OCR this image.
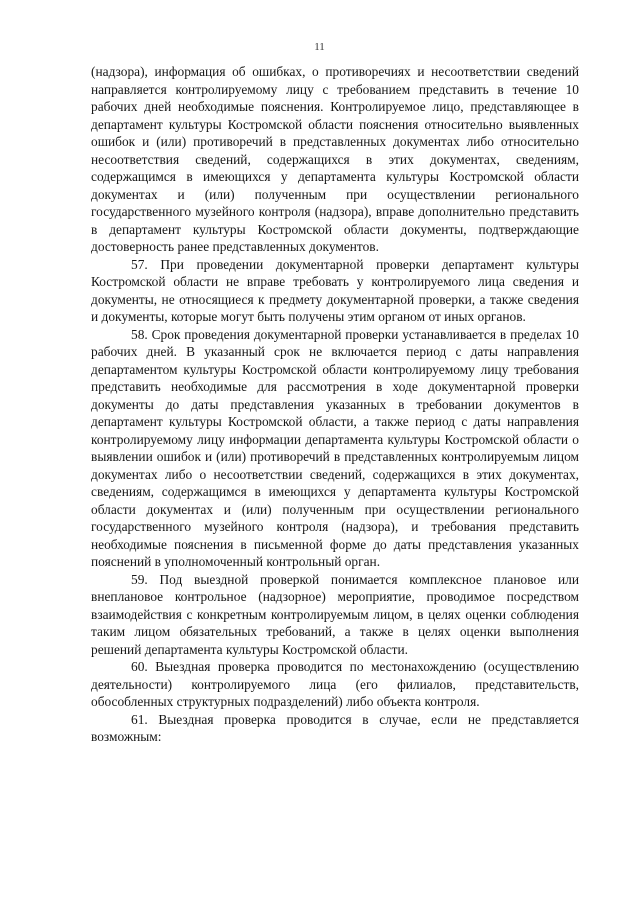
11

(надзора), информация об ошибках, о противоречиях и несоответствии сведений направляется контролируемому лицу с требованием представить в течение 10 рабочих дней необходимые пояснения. Контролируемое лицо, представляющее в департамент культуры Костромской области пояснения относительно выявленных ошибок и (или) противоречий в представленных документах либо относительно несоответствия сведений, содержащихся в этих документах, сведениям, содержащимся в имеющихся у департамента культуры Костромской области документах и (или) полученным при осуществлении регионального государственного музейного контроля (надзора), вправе дополнительно представить в департамент культуры Костромской области документы, подтверждающие достоверность ранее представленных документов.

57. При проведении документарной проверки департамент культуры Костромской области не вправе требовать у контролируемого лица сведения и документы, не относящиеся к предмету документарной проверки, а также сведения и документы, которые могут быть получены этим органом от иных органов.

58. Срок проведения документарной проверки устанавливается в пределах 10 рабочих дней. В указанный срок не включается период с даты направления департаментом культуры Костромской области контролируемому лицу требования представить необходимые для рассмотрения в ходе документарной проверки документы до даты представления указанных в требовании документов в департамент культуры Костромской области, а также период с даты направления контролируемому лицу информации департамента культуры Костромской области о выявлении ошибок и (или) противоречий в представленных контролируемым лицом документах либо о несоответствии сведений, содержащихся в этих документах, сведениям, содержащимся в имеющихся у департамента культуры Костромской области документах и (или) полученным при осуществлении регионального государственного музейного контроля (надзора), и требования представить необходимые пояснения в письменной форме до даты представления указанных пояснений в уполномоченный контрольный орган.

59. Под выездной проверкой понимается комплексное плановое или внеплановое контрольное (надзорное) мероприятие, проводимое посредством взаимодействия с конкретным контролируемым лицом, в целях оценки соблюдения таким лицом обязательных требований, а также в целях оценки выполнения решений департамента культуры Костромской области.

60. Выездная проверка проводится по местонахождению (осуществлению деятельности) контролируемого лица (его филиалов, представительств, обособленных структурных подразделений) либо объекта контроля.

61. Выездная проверка проводится в случае, если не представляется возможным:
